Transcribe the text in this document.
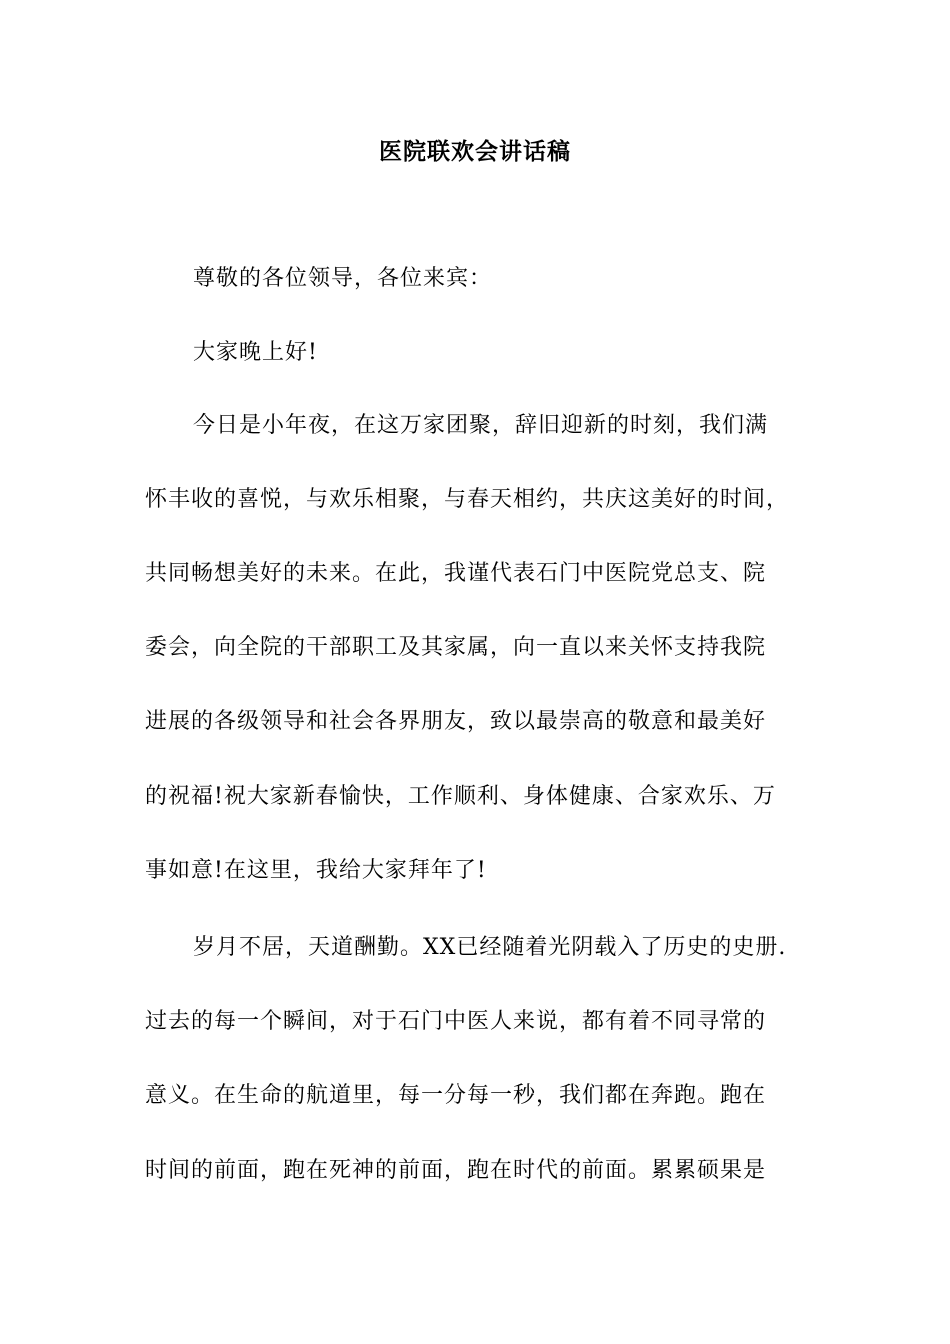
医院联欢会讲话稿
尊敬的各位领导，各位来宾：
大家晚上好!
今日是小年夜，在这万家团聚，辞旧迎新的时刻，我们满
怀丰收的喜悦，与欢乐相聚，与春天相约，共庆这美好的时间，
共同畅想美好的未来。在此，我谨代表石门中医院党总支、院
委会，向全院的干部职工及其家属，向一直以来关怀支持我院
进展的各级领导和社会各界朋友，致以最崇高的敬意和最美好
的祝福!祝大家新春愉快，工作顺利、身体健康、合家欢乐、万
事如意!在这里，我给大家拜年了!
岁月不居，天道酬勤。XX已经随着光阴载入了历史的史册.
过去的每一个瞬间，对于石门中医人来说，都有着不同寻常的
意义。在生命的航道里，每一分每一秒，我们都在奔跑。跑在
时间的前面，跑在死神的前面，跑在时代的前面。累累硕果是
